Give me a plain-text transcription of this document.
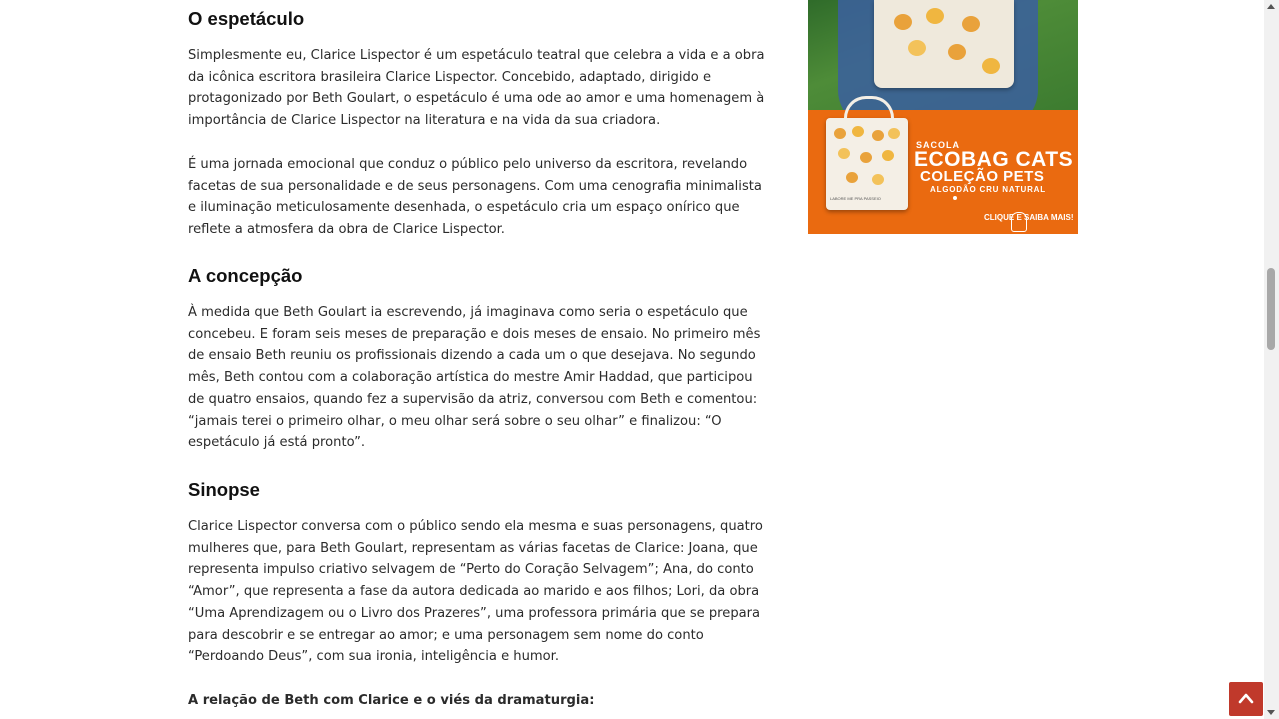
O espetáculo

Simplesmente eu, Clarice Lispector é um espetáculo teatral que celebra a vida e a obra da icônica escritora brasileira Clarice Lispector. Concebido, adaptado, dirigido e protagonizado por Beth Goulart, o espetáculo é uma ode ao amor e uma homenagem à importância de Clarice Lispector na literatura e na vida da sua criadora.

É uma jornada emocional que conduz o público pelo universo da escritora, revelando facetas de sua personalidade e de seus personagens. Com uma cenografia minimalista e iluminação meticulosamente desenhada, o espetáculo cria um espaço onírico que reflete a atmosfera da obra de Clarice Lispector.

A concepção

À medida que Beth Goulart ia escrevendo, já imaginava como seria o espetáculo que concebeu. E foram seis meses de preparação e dois meses de ensaio. No primeiro mês de ensaio Beth reuniu os profissionais dizendo a cada um o que desejava. No segundo mês, Beth contou com a colaboração artística do mestre Amir Haddad, que participou de quatro ensaios, quando fez a supervisão da atriz, conversou com Beth e comentou: “jamais terei o primeiro olhar, o meu olhar será sobre o seu olhar” e finalizou: “O espetáculo já está pronto”.

Sinopse

Clarice Lispector conversa com o público sendo ela mesma e suas personagens, quatro mulheres que, para Beth Goulart, representam as várias facetas de Clarice: Joana, que representa impulso criativo selvagem de “Perto do Coração Selvagem”; Ana, do conto “Amor”, que representa a fase da autora dedicada ao marido e aos filhos; Lori, da obra “Uma Aprendizagem ou o Livro dos Prazeres”, uma professora primária que se prepara para descobrir e se entregar ao amor; e uma personagem sem nome do conto “Perdoando Deus”, com sua ironia, inteligência e humor.

A relação de Beth com Clarice e o viés da dramaturgia:

LABORE ME PRA PASSEIO
SACOLA
ECOBAG CATS
COLEÇÃO PETS
ALGODÃO CRU NATURAL
CLIQUE E SAIBA MAIS!
